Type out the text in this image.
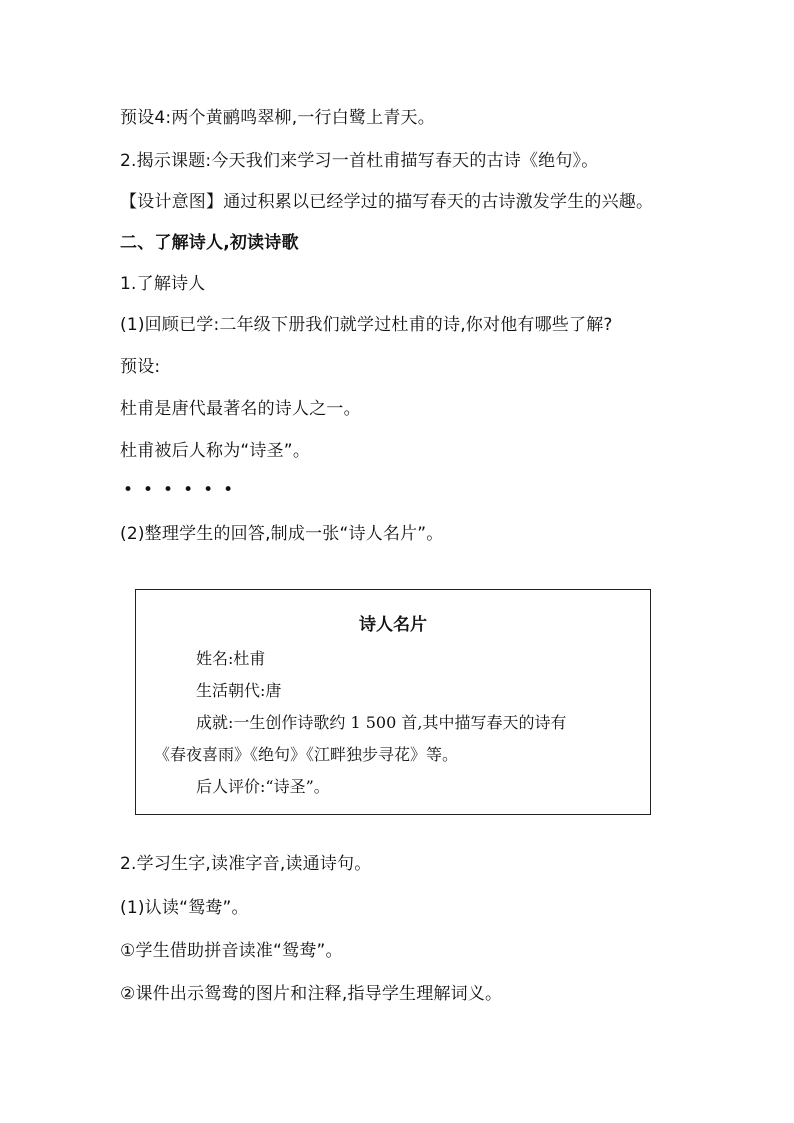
预设4:两个黄鹂鸣翠柳,一行白鹭上青天。
2.揭示课题:今天我们来学习一首杜甫描写春天的古诗《绝句》。
【设计意图】通过积累以已经学过的描写春天的古诗激发学生的兴趣。
二、了解诗人,初读诗歌
1.了解诗人
(1)回顾已学:二年级下册我们就学过杜甫的诗,你对他有哪些了解?
预设:
杜甫是唐代最著名的诗人之一。
杜甫被后人称为“诗圣”。
••••••
(2)整理学生的回答,制成一张“诗人名片”。
诗人名片
姓名:杜甫
生活朝代:唐
成就:一生创作诗歌约 1 500 首,其中描写春天的诗有
《春夜喜雨》《绝句》《江畔独步寻花》等。
后人评价:“诗圣”。
2.学习生字,读准字音,读通诗句。
(1)认读“鸳鸯”。
①学生借助拼音读准“鸳鸯”。
②课件出示鸳鸯的图片和注释,指导学生理解词义。
